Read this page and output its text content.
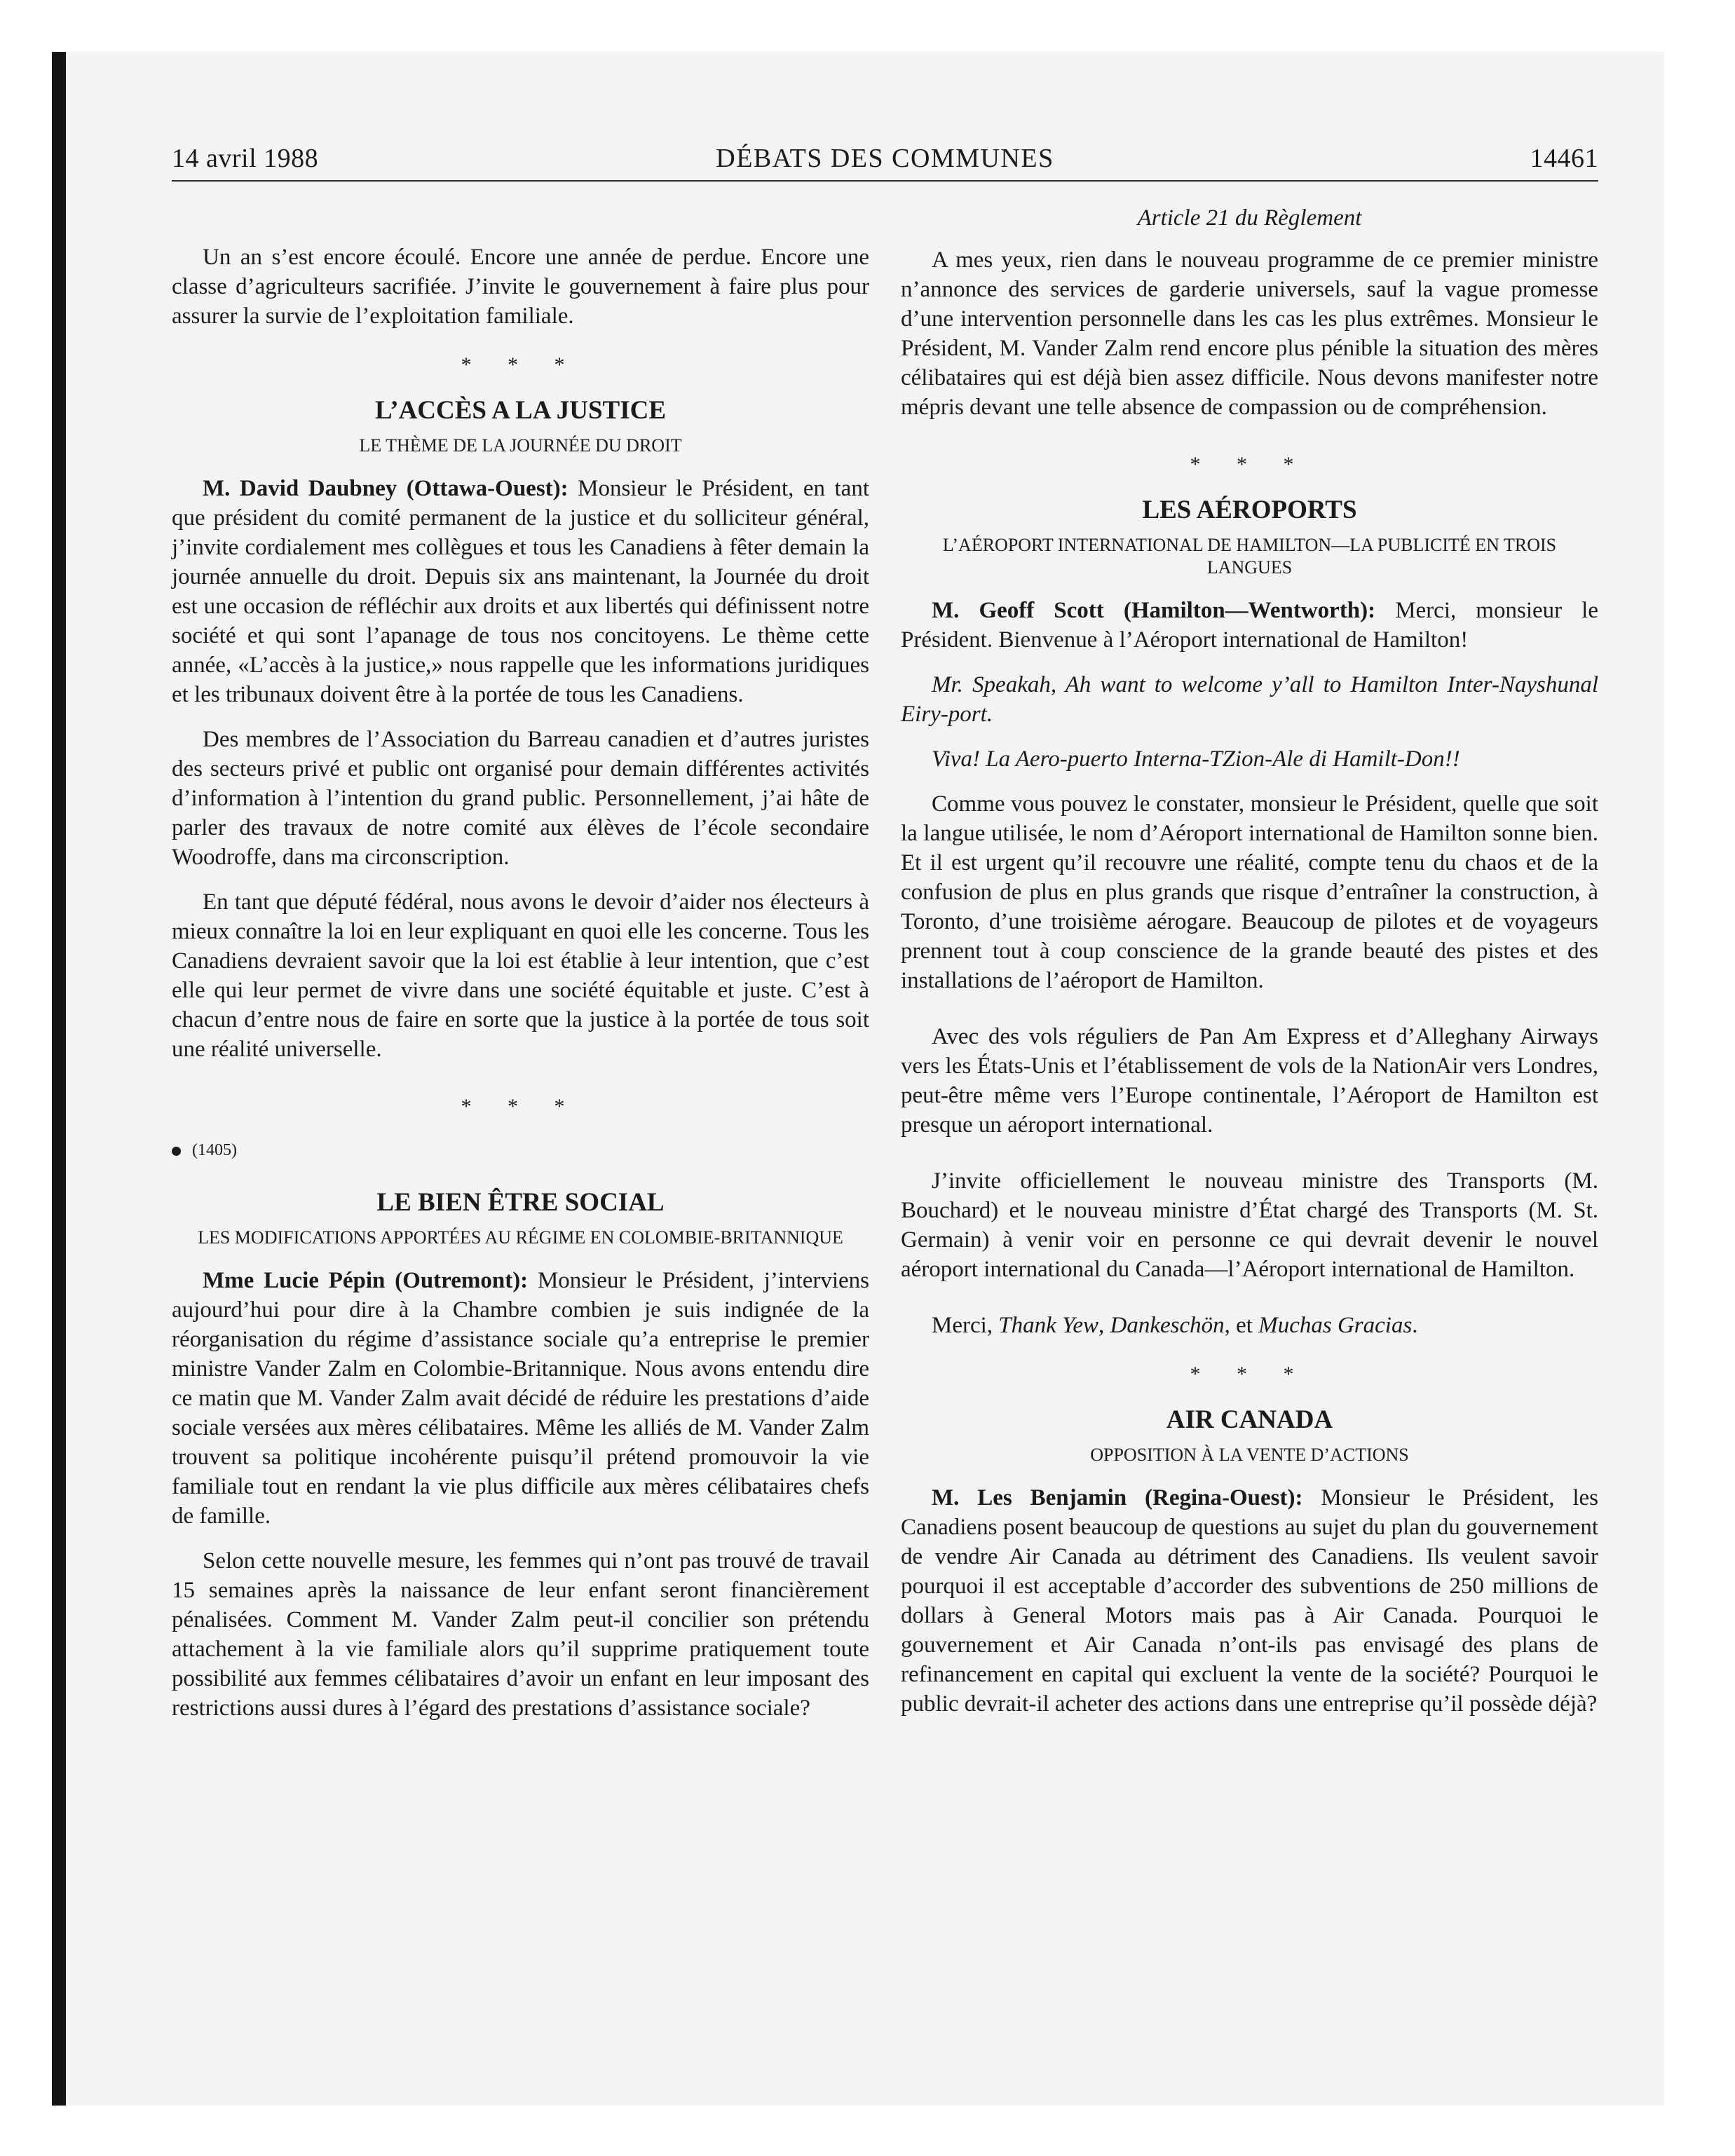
14 avril 1988	DÉBATS DES COMMUNES	14461

Un an s’est encore écoulé. Encore une année de perdue. Encore une classe d’agriculteurs sacrifiée. J’invite le gouvernement à faire plus pour assurer la survie de l’exploitation familiale.

* * *
L’ACCÈS A LA JUSTICE
LE THÈME DE LA JOURNÉE DU DROIT

M. David Daubney (Ottawa-Ouest): Monsieur le Président, en tant que président du comité permanent de la justice et du solliciteur général, j’invite cordialement mes collègues et tous les Canadiens à fêter demain la journée annuelle du droit. Depuis six ans maintenant, la Journée du droit est une occasion de réfléchir aux droits et aux libertés qui définissent notre société et qui sont l’apanage de tous nos concitoyens. Le thème cette année, «L’accès à la justice,» nous rappelle que les informations juridiques et les tribunaux doivent être à la portée de tous les Canadiens.

Des membres de l’Association du Barreau canadien et d’autres juristes des secteurs privé et public ont organisé pour demain différentes activités d’information à l’intention du grand public. Personnellement, j’ai hâte de parler des travaux de notre comité aux élèves de l’école secondaire Woodroffe, dans ma circonscription.

En tant que député fédéral, nous avons le devoir d’aider nos électeurs à mieux connaître la loi en leur expliquant en quoi elle les concerne. Tous les Canadiens devraient savoir que la loi est établie à leur intention, que c’est elle qui leur permet de vivre dans une société équitable et juste. C’est à chacun d’entre nous de faire en sorte que la justice à la portée de tous soit une réalité universelle.

* * *
(1405)
LE BIEN ÊTRE SOCIAL
LES MODIFICATIONS APPORTÉES AU RÉGIME EN COLOMBIE-BRITANNIQUE

Mme Lucie Pépin (Outremont): Monsieur le Président, j’interviens aujourd’hui pour dire à la Chambre combien je suis indignée de la réorganisation du régime d’assistance sociale qu’a entreprise le premier ministre Vander Zalm en Colombie-Britannique. Nous avons entendu dire ce matin que M. Vander Zalm avait décidé de réduire les prestations d’aide sociale versées aux mères célibataires. Même les alliés de M. Vander Zalm trouvent sa politique incohérente puisqu’il prétend promouvoir la vie familiale tout en rendant la vie plus difficile aux mères célibataires chefs de famille.

Selon cette nouvelle mesure, les femmes qui n’ont pas trouvé de travail 15 semaines après la naissance de leur enfant seront financièrement pénalisées. Comment M. Vander Zalm peut-il concilier son prétendu attachement à la vie familiale alors qu’il supprime pratiquement toute possibilité aux femmes célibataires d’avoir un enfant en leur imposant des restrictions aussi dures à l’égard des prestations d’assistance sociale?

Article 21 du Règlement

A mes yeux, rien dans le nouveau programme de ce premier ministre n’annonce des services de garderie universels, sauf la vague promesse d’une intervention personnelle dans les cas les plus extrêmes. Monsieur le Président, M. Vander Zalm rend encore plus pénible la situation des mères célibataires qui est déjà bien assez difficile. Nous devons manifester notre mépris devant une telle absence de compassion ou de compréhension.

* * *
LES AÉROPORTS
L’AÉROPORT INTERNATIONAL DE HAMILTON—LA PUBLICITÉ EN TROIS LANGUES

M. Geoff Scott (Hamilton—Wentworth): Merci, monsieur le Président. Bienvenue à l’Aéroport international de Hamilton!

Mr. Speakah, Ah want to welcome y’all to Hamilton Inter-Nayshunal Eiry-port.

Viva! La Aero-puerto Interna-TZion-Ale di Hamilt-Don!!

Comme vous pouvez le constater, monsieur le Président, quelle que soit la langue utilisée, le nom d’Aéroport international de Hamilton sonne bien. Et il est urgent qu’il recouvre une réalité, compte tenu du chaos et de la confusion de plus en plus grands que risque d’entraîner la construction, à Toronto, d’une troisième aérogare. Beaucoup de pilotes et de voyageurs prennent tout à coup conscience de la grande beauté des pistes et des installations de l’aéroport de Hamilton.

Avec des vols réguliers de Pan Am Express et d’Alleghany Airways vers les États-Unis et l’établissement de vols de la NationAir vers Londres, peut-être même vers l’Europe continentale, l’Aéroport de Hamilton est presque un aéroport international.

J’invite officiellement le nouveau ministre des Transports (M. Bouchard) et le nouveau ministre d’État chargé des Transports (M. St. Germain) à venir voir en personne ce qui devrait devenir le nouvel aéroport international du Canada—l’Aéroport international de Hamilton.

Merci, Thank Yew, Dankeschön, et Muchas Gracias.

* * *
AIR CANADA
OPPOSITION À LA VENTE D’ACTIONS

M. Les Benjamin (Regina-Ouest): Monsieur le Président, les Canadiens posent beaucoup de questions au sujet du plan du gouvernement de vendre Air Canada au détriment des Canadiens. Ils veulent savoir pourquoi il est acceptable d’accorder des subventions de 250 millions de dollars à General Motors mais pas à Air Canada. Pourquoi le gouvernement et Air Canada n’ont-ils pas envisagé des plans de refinancement en capital qui excluent la vente de la société? Pourquoi le public devrait-il acheter des actions dans une entreprise qu’il possède déjà?
